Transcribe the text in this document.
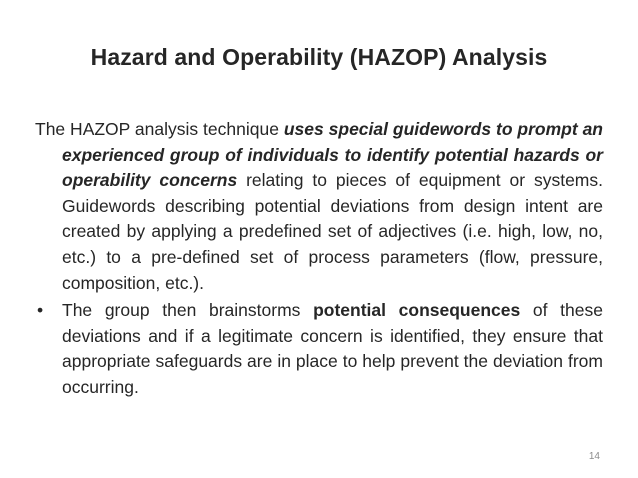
Hazard and Operability (HAZOP) Analysis

The HAZOP analysis technique uses special guidewords to prompt an experienced group of individuals to identify potential hazards or operability concerns relating to pieces of equipment or systems. Guidewords describing potential deviations from design intent are created by applying a predefined set of adjectives (i.e. high, low, no, etc.) to a pre-defined set of process parameters (flow, pressure, composition, etc.).

• The group then brainstorms potential consequences of these deviations and if a legitimate concern is identified, they ensure that appropriate safeguards are in place to help prevent the deviation from occurring.
14
